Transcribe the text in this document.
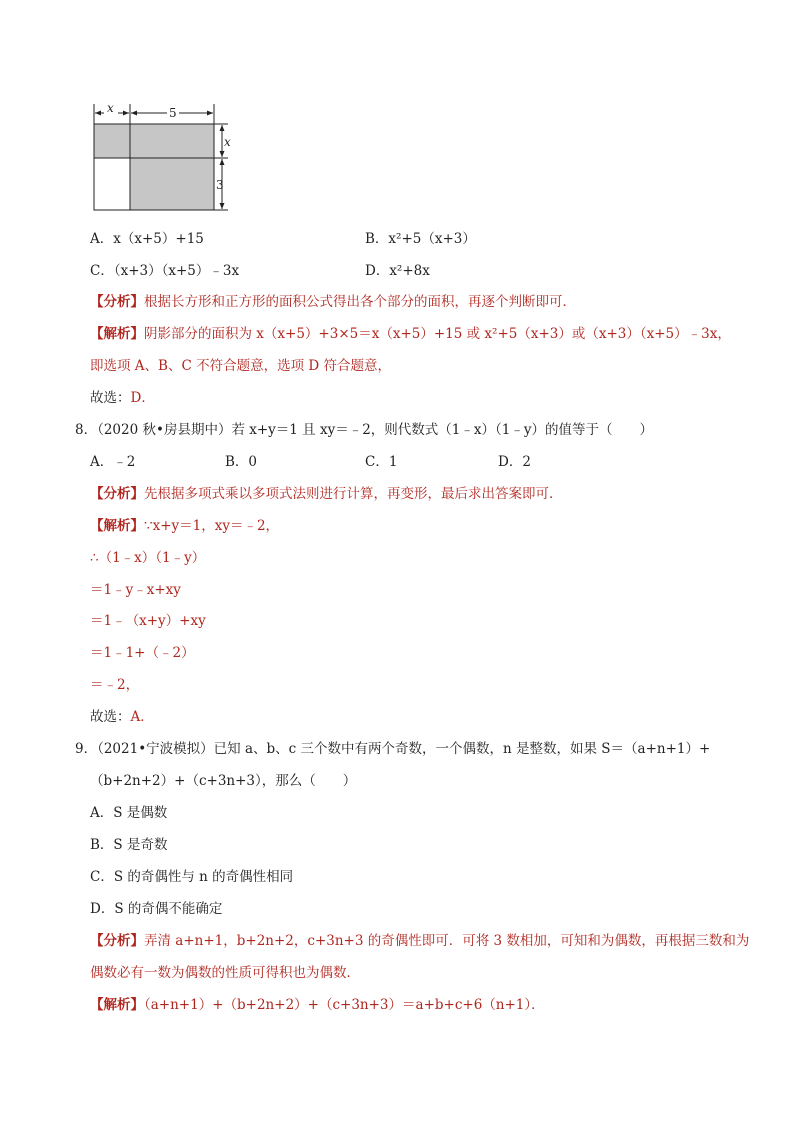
x	5
x
3
A．x（x+5）+15	B．x²+5（x+3）
C．（x+3）（x+5）﹣3x	D．x²+8x
【分析】根据长方形和正方形的面积公式得出各个部分的面积，再逐个判断即可．
【解析】阴影部分的面积为 x（x+5）+3×5＝x（x+5）+15 或 x²+5（x+3）或（x+3）（x+5）﹣3x，
即选项 A、B、C 不符合题意，选项 D 符合题意，
故选：D．
8．（2020 秋•房县期中）若 x+y＝1 且 xy＝﹣2，则代数式（1﹣x）（1﹣y）的值等于（　　）
A．﹣2	B．0	C．1	D．2
【分析】先根据多项式乘以多项式法则进行计算，再变形，最后求出答案即可．
【解析】∵x+y＝1，xy＝﹣2，
∴（1﹣x）（1﹣y）
＝1﹣y﹣x+xy
＝1﹣（x+y）+xy
＝1﹣1+（﹣2）
＝﹣2，
故选：A．
9．（2021•宁波模拟）已知 a、b、c 三个数中有两个奇数，一个偶数，n 是整数，如果 S＝（a+n+1）+
（b+2n+2）+（c+3n+3），那么（　　）
A．S 是偶数
B．S 是奇数
C．S 的奇偶性与 n 的奇偶性相同
D．S 的奇偶不能确定
【分析】弄清 a+n+1，b+2n+2，c+3n+3 的奇偶性即可．可将 3 数相加，可知和为偶数，再根据三数和为
偶数必有一数为偶数的性质可得积也为偶数．
【解析】（a+n+1）+（b+2n+2）+（c+3n+3）＝a+b+c+6（n+1）．
